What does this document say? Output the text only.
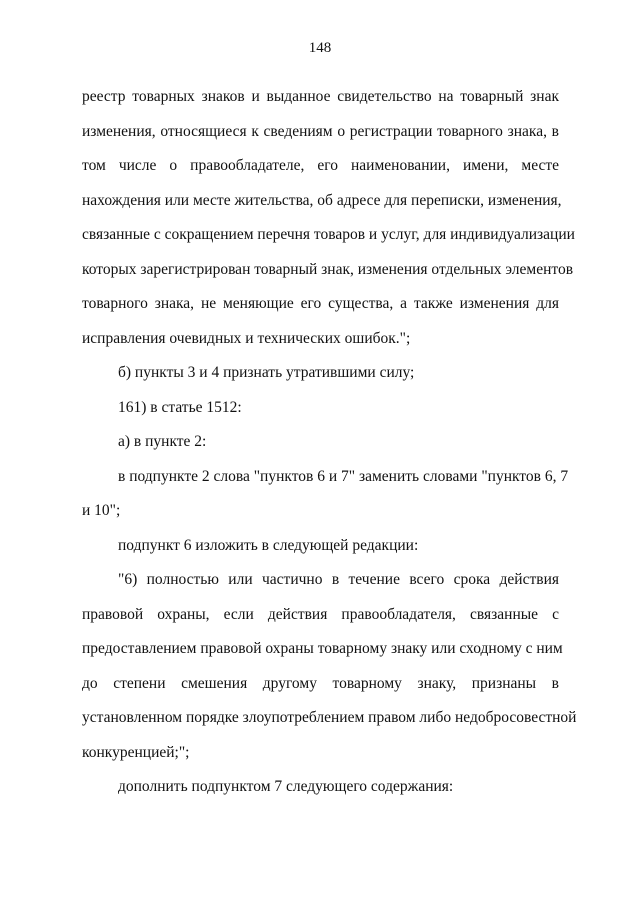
148
реестр товарных знаков и выданное свидетельство на товарный знак
изменения, относящиеся к сведениям о регистрации товарного знака, в
том числе о правообладателе, его наименовании, имени, месте
нахождения или месте жительства, об адресе для переписки, изменения,
связанные с сокращением перечня товаров и услуг, для индивидуализации
которых зарегистрирован товарный знак, изменения отдельных элементов
товарного знака, не меняющие его существа, а также изменения для
исправления очевидных и технических ошибок.";
б) пункты 3 и 4 признать утратившими силу;
161) в статье 1512:
а) в пункте 2:
в подпункте 2 слова "пунктов 6 и 7" заменить словами "пунктов 6, 7
и 10";
подпункт 6 изложить в следующей редакции:
"6) полностью или частично в течение всего срока действия
правовой охраны, если действия правообладателя, связанные с
предоставлением правовой охраны товарному знаку или сходному с ним
до степени смешения другому товарному знаку, признаны в
установленном порядке злоупотреблением правом либо недобросовестной
конкуренцией;";
дополнить подпунктом 7 следующего содержания:
